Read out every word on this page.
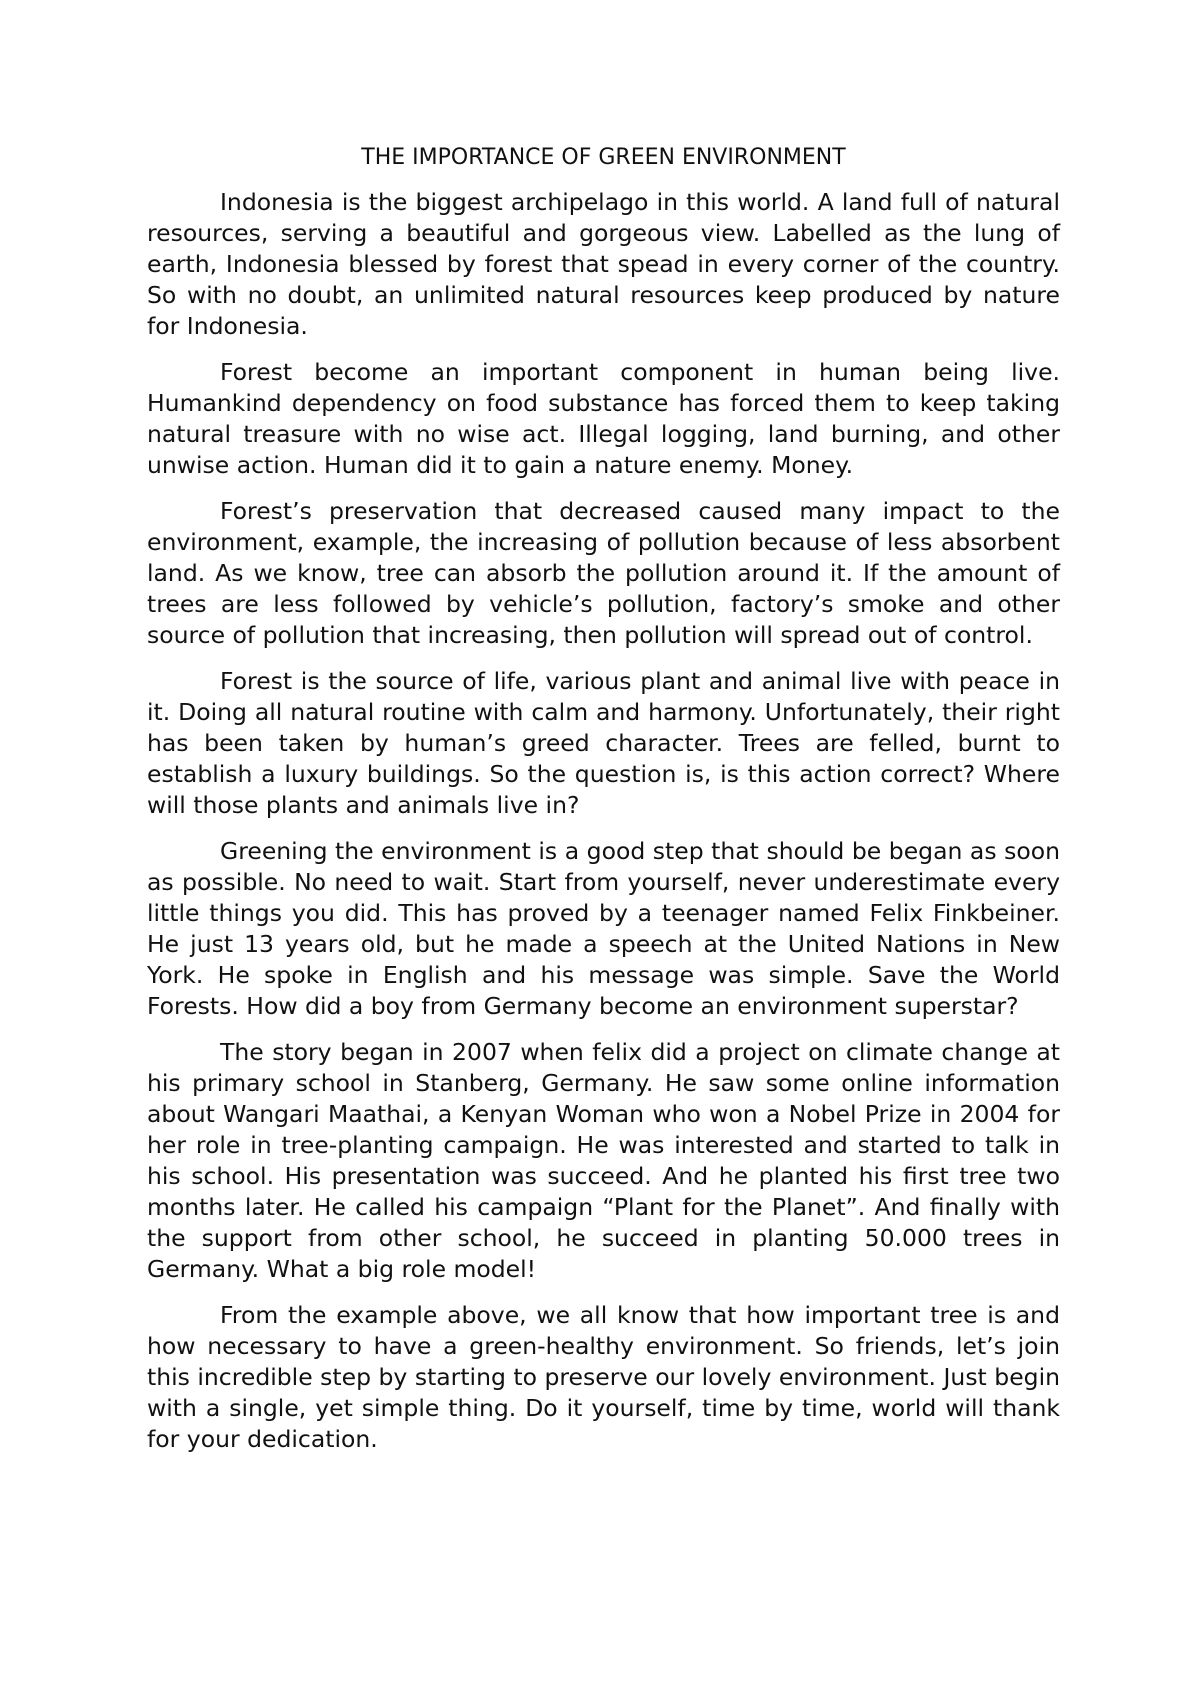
THE IMPORTANCE OF GREEN ENVIRONMENT

Indonesia is the biggest archipelago in this world. A land full of natural resources, serving a beautiful and gorgeous view. Labelled as the lung of earth, Indonesia blessed by forest that spead in every corner of the country. So with no doubt, an unlimited natural resources keep produced by nature for Indonesia.

Forest become an important component in human being live. Humankind dependency on food substance has forced them to keep taking natural treasure with no wise act. Illegal logging, land burning, and other unwise action. Human did it to gain a nature enemy. Money.

Forest’s preservation that decreased caused many impact to the environment, example, the increasing of pollution because of less absorbent land. As we know, tree can absorb the pollution around it. If the amount of trees are less followed by vehicle’s pollution, factory’s smoke and other source of pollution that increasing, then pollution will spread out of control.

Forest is the source of life, various plant and animal live with peace in it. Doing all natural routine with calm and harmony. Unfortunately, their right has been taken by human’s greed character. Trees are felled, burnt to establish a luxury buildings. So the question is, is this action correct? Where will those plants and animals live in?

Greening the environment is a good step that should be began as soon as possible. No need to wait. Start from yourself, never underestimate every little things you did. This has proved by a teenager named Felix Finkbeiner. He just 13 years old, but he made a speech at the United Nations in New York. He spoke in English and his message was simple. Save the World Forests. How did a boy from Germany become an environment superstar?

The story began in 2007 when felix did a project on climate change at his primary school in Stanberg, Germany. He saw some online information about Wangari Maathai, a Kenyan Woman who won a Nobel Prize in 2004 for her role in tree-planting campaign. He was interested and started to talk in his school. His presentation was succeed. And he planted his first tree two months later. He called his campaign “Plant for the Planet”. And finally with the support from other school, he succeed in planting 50.000 trees in Germany. What a big role model!

From the example above, we all know that how important tree is and how necessary to have a green-healthy environment. So friends, let’s join this incredible step by starting to preserve our lovely environment. Just begin with a single, yet simple thing. Do it yourself, time by time, world will thank for your dedication.
